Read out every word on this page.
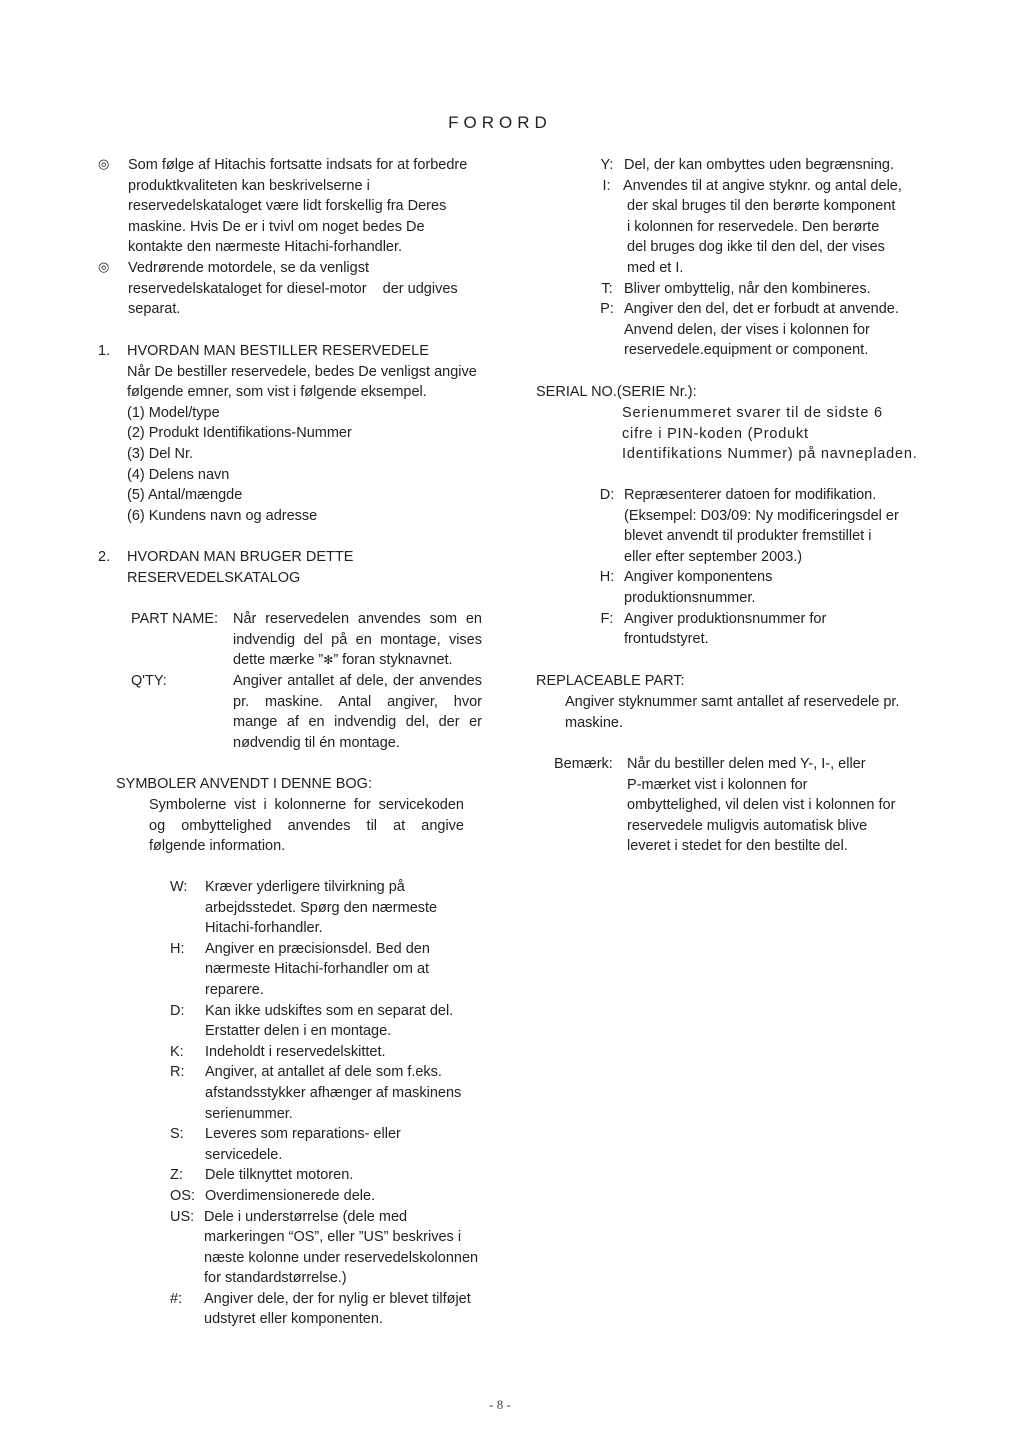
FORORD
◎ Som følge af Hitachis fortsatte indsats for at forbedre
produktkvaliteten kan beskrivelserne i
reservedelskataloget være lidt forskellig fra Deres
maskine. Hvis De er i tvivl om noget bedes De
kontakte den nærmeste Hitachi-forhandler.
◎ Vedrørende motordele, se da venligst
reservedelskataloget for diesel-motor    der udgives
separat.
1. HVORDAN MAN BESTILLER RESERVEDELE
Når De bestiller reservedele, bedes De venligst angive
følgende emner, som vist i følgende eksempel.
(1) Model/type
(2) Produkt Identifikations-Nummer
(3) Del Nr.
(4) Delens navn
(5) Antal/mængde
(6) Kundens navn og adresse
2. HVORDAN MAN BRUGER DETTE
RESERVEDELSKATALOG
PART NAME: Når reservedelen anvendes som en
indvendig del på en montage, vises
dette mærke ”✻” foran styknavnet.
Q'TY:	Angiver antallet af dele, der anvendes
pr. maskine. Antal angiver, hvor
mange af en indvendig del, der er
nødvendig til én montage.
SYMBOLER ANVENDT I DENNE BOG:
Symbolerne vist i kolonnerne for servicekoden
og ombyttelighed anvendes til at angive
følgende information.
W:	Kræver yderligere tilvirkning på
arbejdsstedet. Spørg den nærmeste
Hitachi-forhandler.
H:	Angiver en præcisionsdel. Bed den
nærmeste Hitachi-forhandler om at
reparere.
D:	Kan ikke udskiftes som en separat del.
Erstatter delen i en montage.
K:	Indeholdt i reservedelskittet.
R:	Angiver, at antallet af dele som f.eks.
afstandsstykker afhænger af maskinens
serienummer.
S:	Leveres som reparations- eller
servicedele.
Z:	Dele tilknyttet motoren.
OS: Overdimensionerede dele.
US: Dele i understørrelse (dele med
markeringen “OS”, eller ”US” beskrives i
næste kolonne under reservedelskolonnen
for standardstørrelse.)
#:	Angiver dele, der for nylig er blevet tilføjet
udstyret eller komponenten.
Y: Del, der kan ombyttes uden begrænsning.
I: Anvendes til at angive styknr. og antal dele,
der skal bruges til den berørte komponent
i kolonnen for reservedele. Den berørte
del bruges dog ikke til den del, der vises
med et I.
T: Bliver ombyttelig, når den kombineres.
P: Angiver den del, det er forbudt at anvende.
Anvend delen, der vises i kolonnen for
reservedele.equipment or component.
SERIAL NO.(SERIE Nr.):
Serienummeret svarer til de sidste 6
cifre i PIN-koden (Produkt
Identifikations Nummer) på navnepladen.
D: Repræsenterer datoen for modifikation.
(Eksempel: D03/09: Ny modificeringsdel er
blevet anvendt til produkter fremstillet i
eller efter september 2003.)
H: Angiver komponentens
produktionsnummer.
F: Angiver produktionsnummer for
frontudstyret.
REPLACEABLE PART:
Angiver styknummer samt antallet af reservedele pr.
maskine.
Bemærk: Når du bestiller delen med Y-, I-, eller
P-mærket vist i kolonnen for
ombyttelighed, vil delen vist i kolonnen for
reservedele muligvis automatisk blive
leveret i stedet for den bestilte del.
- 8 -
